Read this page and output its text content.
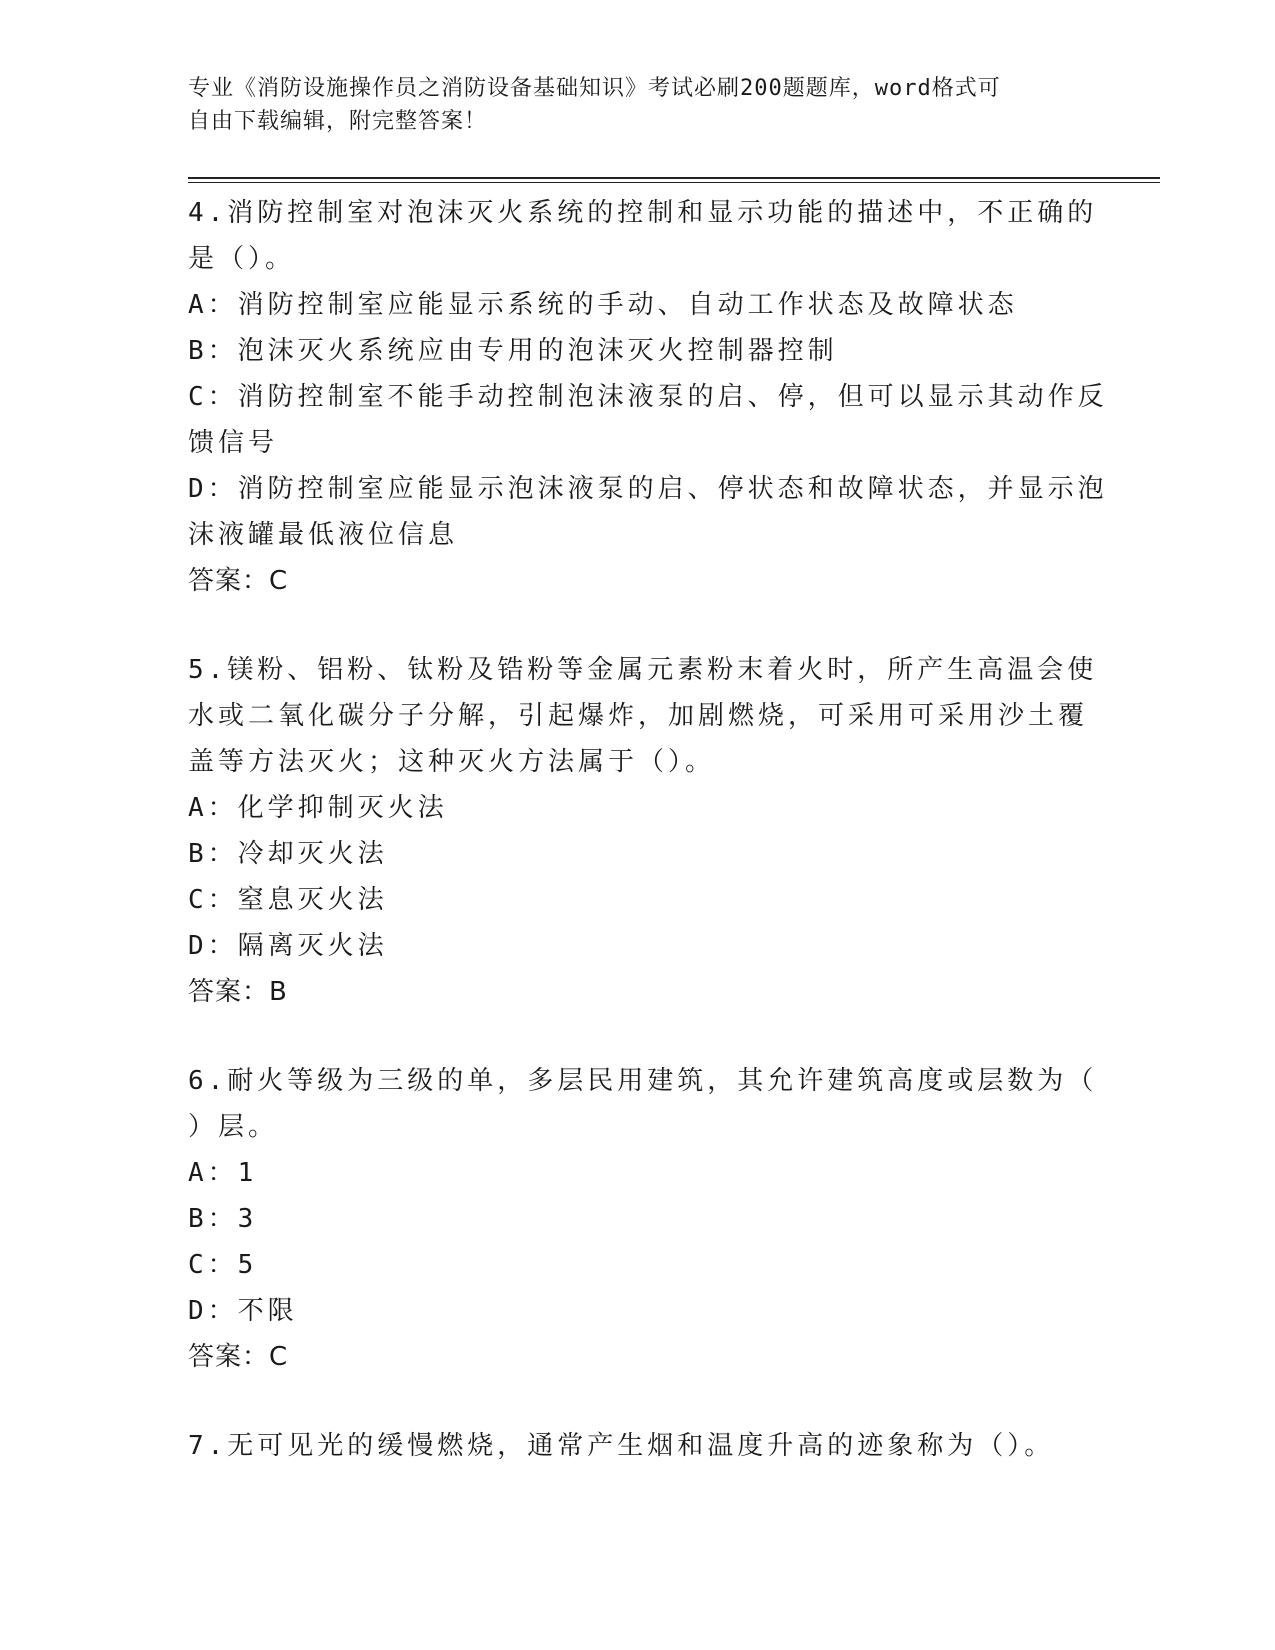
专业《消防设施操作员之消防设备基础知识》考试必刷200题题库，word格式可
自由下载编辑，附完整答案！
4.消防控制室对泡沫灭火系统的控制和显示功能的描述中，不正确的
是（）。
A：消防控制室应能显示系统的手动、自动工作状态及故障状态
B：泡沫灭火系统应由专用的泡沫灭火控制器控制
C：消防控制室不能手动控制泡沫液泵的启、停，但可以显示其动作反
馈信号
D：消防控制室应能显示泡沫液泵的启、停状态和故障状态，并显示泡
沫液罐最低液位信息
答案：C
5.镁粉、铝粉、钛粉及锆粉等金属元素粉末着火时，所产生高温会使
水或二氧化碳分子分解，引起爆炸，加剧燃烧，可采用可采用沙土覆
盖等方法灭火；这种灭火方法属于（）。
A：化学抑制灭火法
B：冷却灭火法
C：窒息灭火法
D：隔离灭火法
答案：B
6.耐火等级为三级的单，多层民用建筑，其允许建筑高度或层数为（
）层。
A：1
B：3
C：5
D：不限
答案：C
7.无可见光的缓慢燃烧，通常产生烟和温度升高的迹象称为（）。
